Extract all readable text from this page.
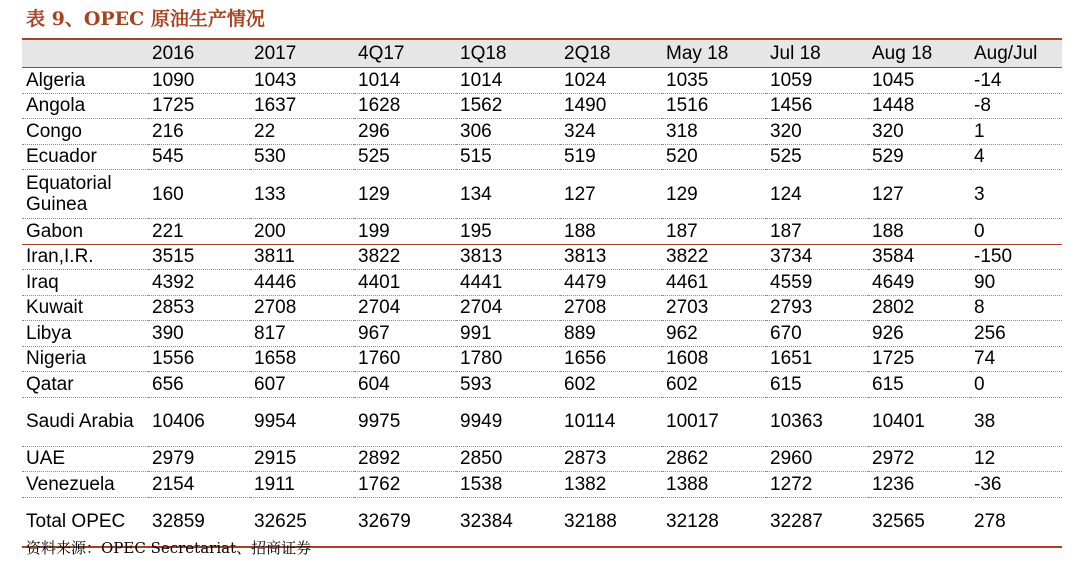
表 9、OPEC 原油生产情况
	2016	2017	4Q17	1Q18	2Q18	May 18	Jul 18	Aug 18	Aug/Jul
Algeria	1090	1043	1014	1014	1024	1035	1059	1045	-14
Angola	1725	1637	1628	1562	1490	1516	1456	1448	-8
Congo	216	22	296	306	324	318	320	320	1
Ecuador	545	530	525	515	519	520	525	529	4
Equatorial Guinea	160	133	129	134	127	129	124	127	3
Gabon	221	200	199	195	188	187	187	188	0
Iran,I.R.	3515	3811	3822	3813	3813	3822	3734	3584	-150
Iraq	4392	4446	4401	4441	4479	4461	4559	4649	90
Kuwait	2853	2708	2704	2704	2708	2703	2793	2802	8
Libya	390	817	967	991	889	962	670	926	256
Nigeria	1556	1658	1760	1780	1656	1608	1651	1725	74
Qatar	656	607	604	593	602	602	615	615	0
Saudi Arabia	10406	9954	9975	9949	10114	10017	10363	10401	38
UAE	2979	2915	2892	2850	2873	2862	2960	2972	12
Venezuela	2154	1911	1762	1538	1382	1388	1272	1236	-36
Total OPEC	32859	32625	32679	32384	32188	32128	32287	32565	278
资料来源：OPEC Secretariat、招商证券
